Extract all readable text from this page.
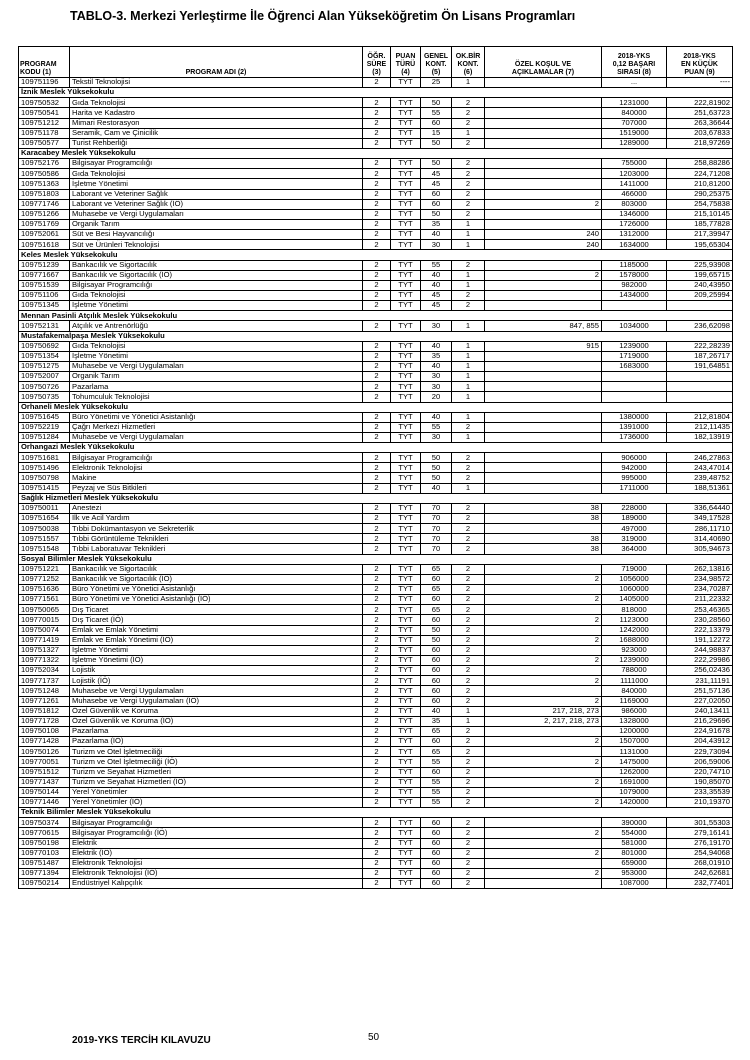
TABLO-3. Merkezi Yerleştirme İle Öğrenci Alan Yükseköğretim Ön Lisans Programları
PROGRAM
KODU (1)	PROGRAM ADI (2)	ÖĞR.
SÜRE
(3)	PUAN
TÜRÜ
(4)	GENEL
KONT.
(5)	OK.BİR
KONT.
(6)	ÖZEL KOŞUL VE
AÇIKLAMALAR (7)	2018-YKS
0,12 BAŞARI
SIRASI (8)	2018-YKS
EN KÜÇÜK
PUAN (9)
109751196	Tekstil Teknolojisi	2	TYT	25	1		...	----
İznik Meslek Yüksekokulu								
109750532	Gıda Teknolojisi	2	TYT	50	2		1231000	222,81902
109750541	Harita ve Kadastro	2	TYT	55	2		840000	251,63723
109751212	Mimari Restorasyon	2	TYT	60	2		707000	263,36644
109751178	Seramik, Cam ve Çinicilik	2	TYT	15	1		1519000	203,67833
109750577	Turist Rehberliği	2	TYT	50	2		1289000	218,97269
Karacabey Meslek Yüksekokulu								
109752176	Bilgisayar Programcılığı	2	TYT	50	2		755000	258,88286
109750586	Gıda Teknolojisi	2	TYT	45	2		1203000	224,71208
109751363	İşletme Yönetimi	2	TYT	45	2		1411000	210,81200
109751803	Laborant ve Veteriner Sağlık	2	TYT	60	2		466000	290,25375
109771746	Laborant ve Veteriner Sağlık (İÖ)	2	TYT	60	2	2	803000	254,75838
109751266	Muhasebe ve Vergi Uygulamaları	2	TYT	50	2		1346000	215,10145
109751769	Organik Tarım	2	TYT	35	1		1726000	185,77828
109752061	Süt ve Besi Hayvancılığı	2	TYT	40	1	240	1312000	217,39947
109751618	Süt ve Ürünleri Teknolojisi	2	TYT	30	1	240	1634000	195,65304
Keles Meslek Yüksekokulu								
109751239	Bankacılık ve Sigortacılık	2	TYT	55	2		1185000	225,93908
109771667	Bankacılık ve Sigortacılık (İÖ)	2	TYT	40	1	2	1578000	199,65715
109751539	Bilgisayar Programcılığı	2	TYT	40	1		982000	240,43950
109751106	Gıda Teknolojisi	2	TYT	45	2		1434000	209,25994
109751345	İşletme Yönetimi	2	TYT	45	2			
Mennan Pasinli Atçılık Meslek Yüksekokulu								
109752131	Atçılık ve Antrenörlüğü	2	TYT	30	1	847, 855	1034000	236,62098
Mustafakemalpaşa Meslek Yüksekokulu								
109750692	Gıda Teknolojisi	2	TYT	40	1	915	1239000	222,28239
109751354	İşletme Yönetimi	2	TYT	35	1		1719000	187,26717
109751275	Muhasebe ve Vergi Uygulamaları	2	TYT	40	1		1683000	191,64851
109752007	Organik Tarım	2	TYT	30	1			
109750726	Pazarlama	2	TYT	30	1			
109750735	Tohumculuk Teknolojisi	2	TYT	20	1			
Orhaneli Meslek Yüksekokulu								
109751645	Büro Yönetimi ve Yönetici Asistanlığı	2	TYT	40	1		1380000	212,81804
109752219	Çağrı Merkezi Hizmetleri	2	TYT	55	2		1391000	212,11435
109751284	Muhasebe ve Vergi Uygulamaları	2	TYT	30	1		1736000	182,13919
Orhangazi Meslek Yüksekokulu								
109751681	Bilgisayar Programcılığı	2	TYT	50	2		906000	246,27863
109751496	Elektronik Teknolojisi	2	TYT	50	2		942000	243,47014
109750798	Makine	2	TYT	50	2		995000	239,48752
109751415	Peyzaj ve Süs Bitkileri	2	TYT	40	1		1711000	188,51361
Sağlık Hizmetleri Meslek Yüksekokulu								
109750011	Anestezi	2	TYT	70	2	38	228000	336,64440
109751654	İlk ve Acil Yardım	2	TYT	70	2	38	189000	349,17528
109750038	Tıbbi Dokümantasyon ve Sekreterlik	2	TYT	70	2		497000	286,11710
109751557	Tıbbi Görüntüleme Teknikleri	2	TYT	70	2	38	319000	314,40690
109751548	Tıbbi Laboratuvar Teknikleri	2	TYT	70	2	38	364000	305,94673
Sosyal Bilimler Meslek Yüksekokulu								
109751221	Bankacılık ve Sigortacılık	2	TYT	65	2		719000	262,13816
109771252	Bankacılık ve Sigortacılık (İÖ)	2	TYT	60	2	2	1056000	234,98572
109751636	Büro Yönetimi ve Yönetici Asistanlığı	2	TYT	65	2		1060000	234,70287
109771561	Büro Yönetimi ve Yönetici Asistanlığı (İÖ)	2	TYT	60	2	2	1405000	211,22332
109750065	Dış Ticaret	2	TYT	65	2		818000	253,46365
109770015	Dış Ticaret (İÖ)	2	TYT	60	2	2	1123000	230,28560
109750074	Emlak ve Emlak Yönetimi	2	TYT	50	2		1242000	222,13379
109771419	Emlak ve Emlak Yönetimi (İÖ)	2	TYT	50	2	2	1688000	191,12272
109751327	İşletme Yönetimi	2	TYT	60	2		923000	244,98837
109771322	İşletme Yönetimi (İÖ)	2	TYT	60	2	2	1239000	222,29986
109752034	Lojistik	2	TYT	60	2		788000	256,02436
109771737	Lojistik (İÖ)	2	TYT	60	2	2	1111000	231,11191
109751248	Muhasebe ve Vergi Uygulamaları	2	TYT	60	2		840000	251,57136
109771261	Muhasebe ve Vergi Uygulamaları (İÖ)	2	TYT	60	2	2	1169000	227,02050
109751812	Özel Güvenlik ve Koruma	2	TYT	40	1	217, 218, 273	986000	240,13411
109771728	Özel Güvenlik ve Koruma (İÖ)	2	TYT	35	1	2, 217, 218, 273	1328000	216,29696
109750108	Pazarlama	2	TYT	65	2		1200000	224,91678
109771428	Pazarlama (İÖ)	2	TYT	60	2	2	1507000	204,43912
109750126	Turizm ve Otel İşletmeciliği	2	TYT	65	2		1131000	229,73094
109770051	Turizm ve Otel İşletmeciliği (İÖ)	2	TYT	55	2	2	1475000	206,59006
109751512	Turizm ve Seyahat Hizmetleri	2	TYT	60	2		1262000	220,74710
109771437	Turizm ve Seyahat Hizmetleri (İÖ)	2	TYT	55	2	2	1691000	190,85070
109750144	Yerel Yönetimler	2	TYT	55	2		1079000	233,35539
109771446	Yerel Yönetimler (İÖ)	2	TYT	55	2	2	1420000	210,19370
Teknik Bilimler Meslek Yüksekokulu								
109750374	Bilgisayar Programcılığı	2	TYT	60	2		390000	301,55303
109770615	Bilgisayar Programcılığı (İÖ)	2	TYT	60	2	2	554000	279,16141
109750198	Elektrik	2	TYT	60	2		581000	276,19170
109770103	Elektrik (İÖ)	2	TYT	60	2	2	801000	254,94068
109751487	Elektronik Teknolojisi	2	TYT	60	2		659000	268,01910
109771394	Elektronik Teknolojisi (İÖ)	2	TYT	60	2	2	953000	242,62681
109750214	Endüstriyel Kalıpçılık	2	TYT	60	2		1087000	232,77401
2019-YKS TERCİH KILAVUZU	50
